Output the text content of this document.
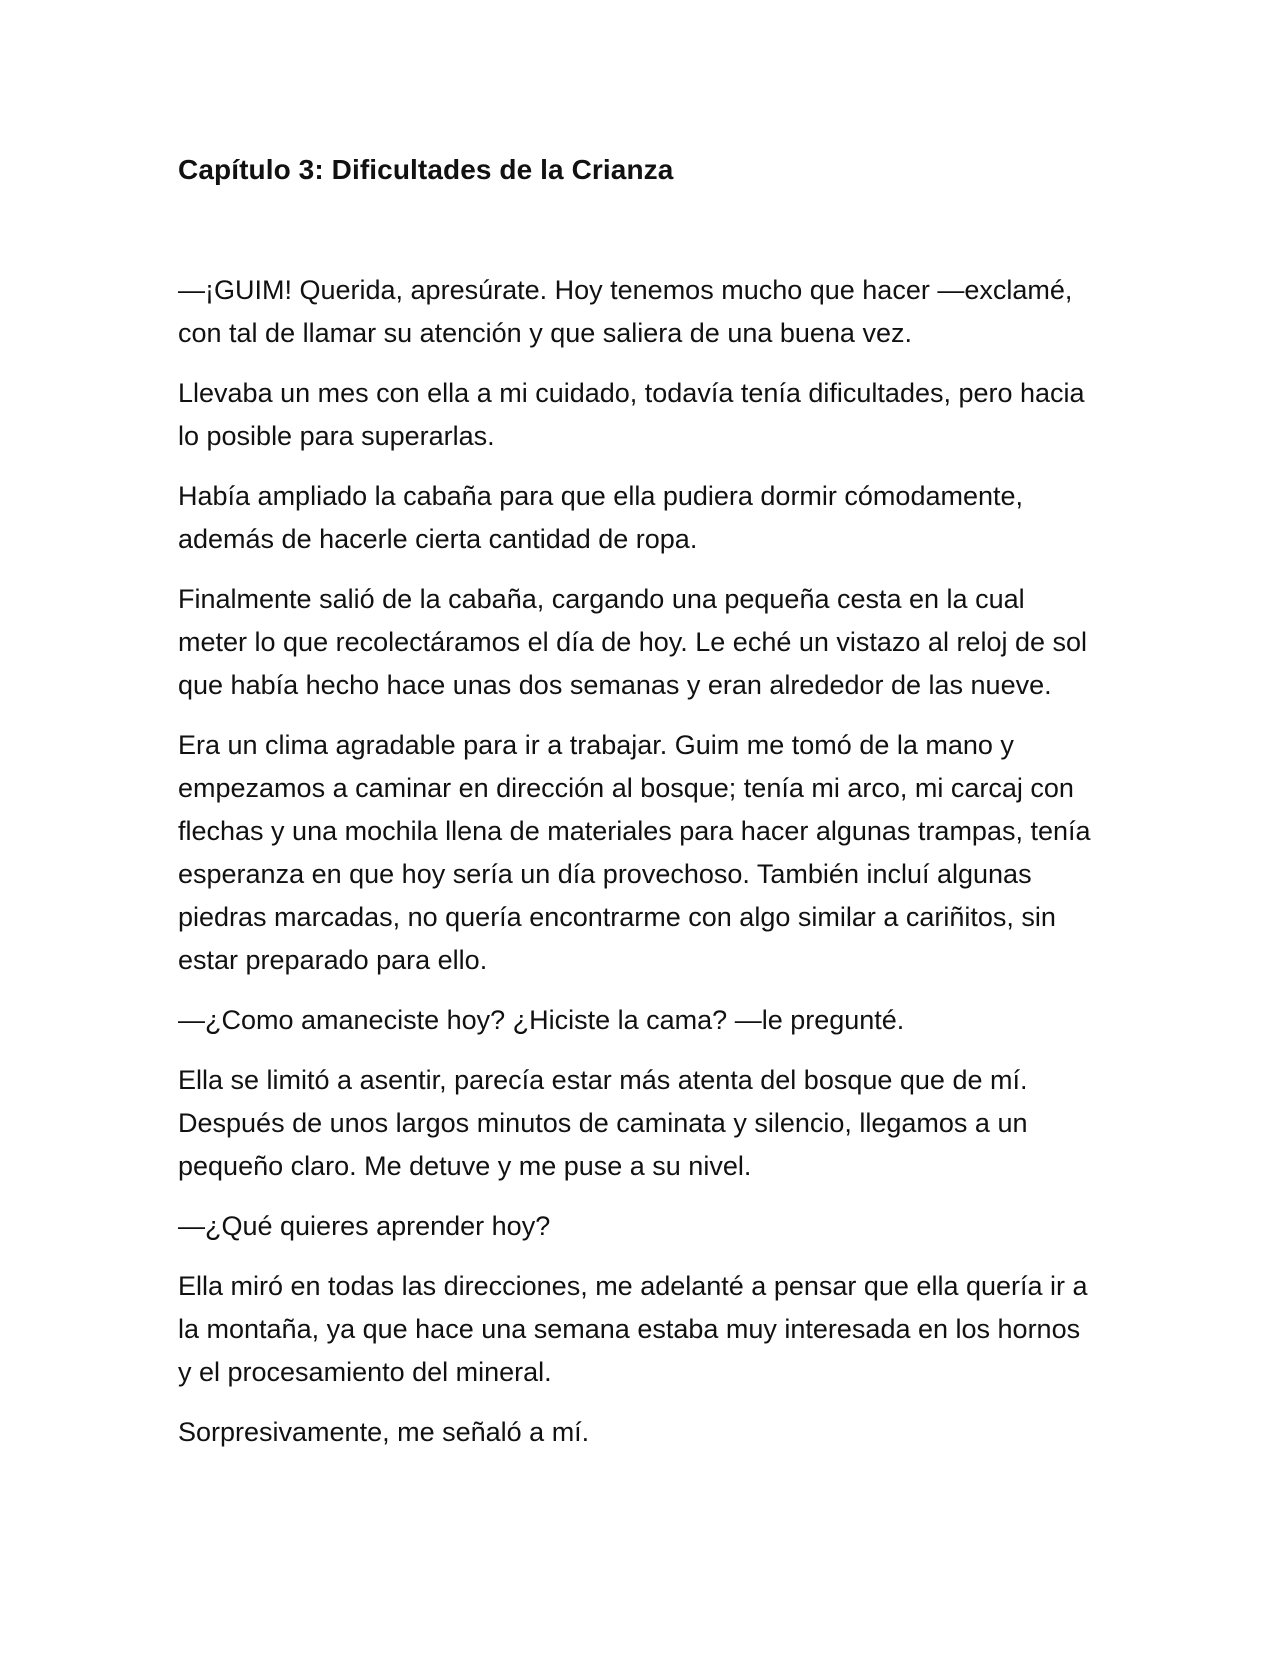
Capítulo 3: Dificultades de la Crianza

—¡GUIM! Querida, apresúrate. Hoy tenemos mucho que hacer —exclamé, con tal de llamar su atención y que saliera de una buena vez.

Llevaba un mes con ella a mi cuidado, todavía tenía dificultades, pero hacia lo posible para superarlas.

Había ampliado la cabaña para que ella pudiera dormir cómodamente, además de hacerle cierta cantidad de ropa.

Finalmente salió de la cabaña, cargando una pequeña cesta en la cual meter lo que recolectáramos el día de hoy. Le eché un vistazo al reloj de sol que había hecho hace unas dos semanas y eran alrededor de las nueve.

Era un clima agradable para ir a trabajar. Guim me tomó de la mano y empezamos a caminar en dirección al bosque; tenía mi arco, mi carcaj con flechas y una mochila llena de materiales para hacer algunas trampas, tenía esperanza en que hoy sería un día provechoso. También incluí algunas piedras marcadas, no quería encontrarme con algo similar a cariñitos, sin estar preparado para ello.

—¿Como amaneciste hoy? ¿Hiciste la cama? —le pregunté.

Ella se limitó a asentir, parecía estar más atenta del bosque que de mí. Después de unos largos minutos de caminata y silencio, llegamos a un pequeño claro. Me detuve y me puse a su nivel.

—¿Qué quieres aprender hoy?

Ella miró en todas las direcciones, me adelanté a pensar que ella quería ir a la montaña, ya que hace una semana estaba muy interesada en los hornos y el procesamiento del mineral.

Sorpresivamente, me señaló a mí.
